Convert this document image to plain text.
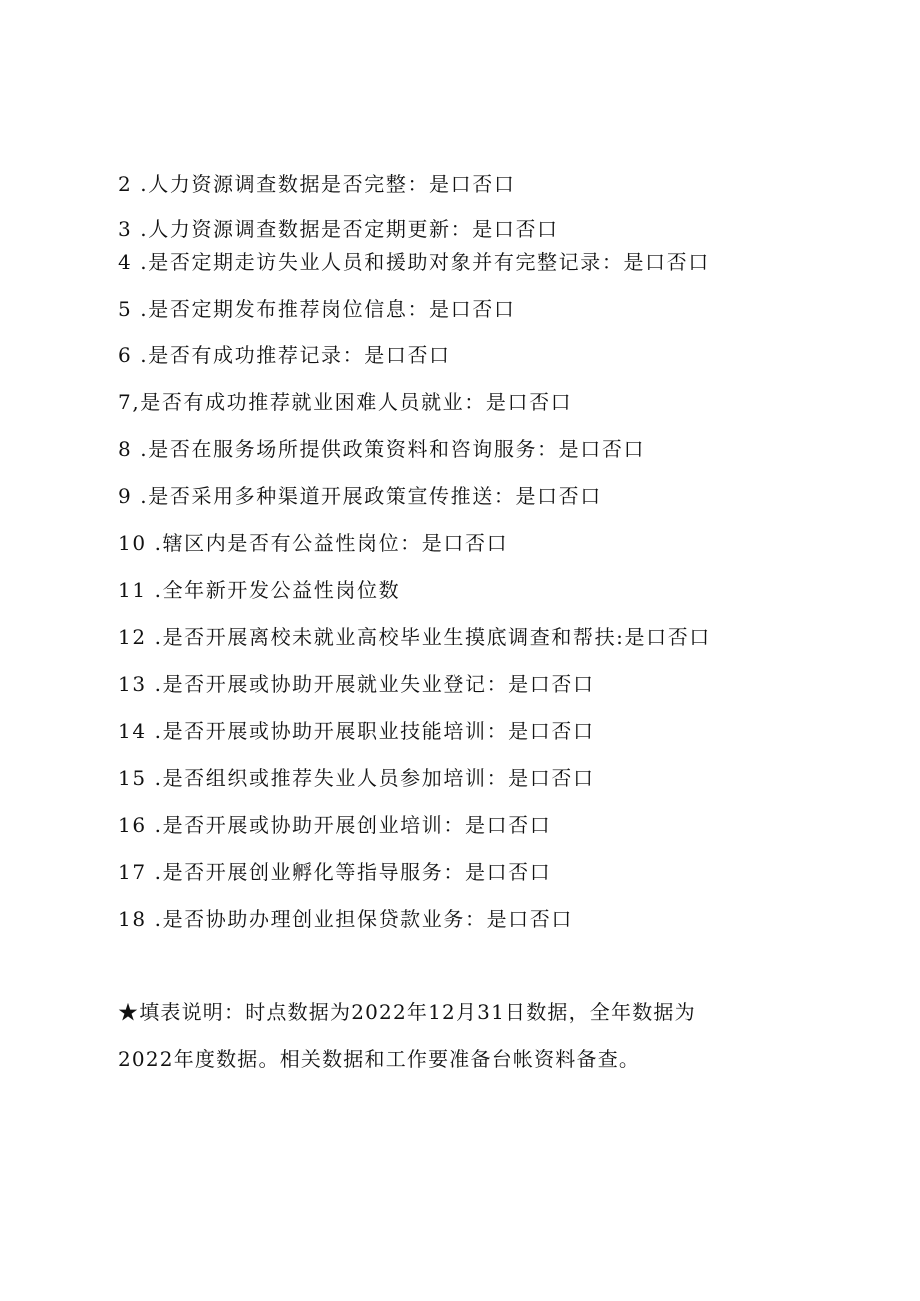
2 .人力资源调查数据是否完整：是口否口
3 .人力资源调查数据是否定期更新：是口否口
4 .是否定期走访失业人员和援助对象并有完整记录：是口否口
5 .是否定期发布推荐岗位信息：是口否口
6 .是否有成功推荐记录：是口否口
7,是否有成功推荐就业困难人员就业：是口否口
8 .是否在服务场所提供政策资料和咨询服务：是口否口
9 .是否采用多种渠道开展政策宣传推送：是口否口
10 .辖区内是否有公益性岗位：是口否口
11 .全年新开发公益性岗位数
12 .是否开展离校未就业高校毕业生摸底调查和帮扶:是口否口
13 .是否开展或协助开展就业失业登记：是口否口
14 .是否开展或协助开展职业技能培训：是口否口
15 .是否组织或推荐失业人员参加培训：是口否口
16 .是否开展或协助开展创业培训：是口否口
17 .是否开展创业孵化等指导服务：是口否口
18 .是否协助办理创业担保贷款业务：是口否口
★填表说明：时点数据为2022年12月31日数据，全年数据为
2022年度数据。相关数据和工作要准备台帐资料备查。
